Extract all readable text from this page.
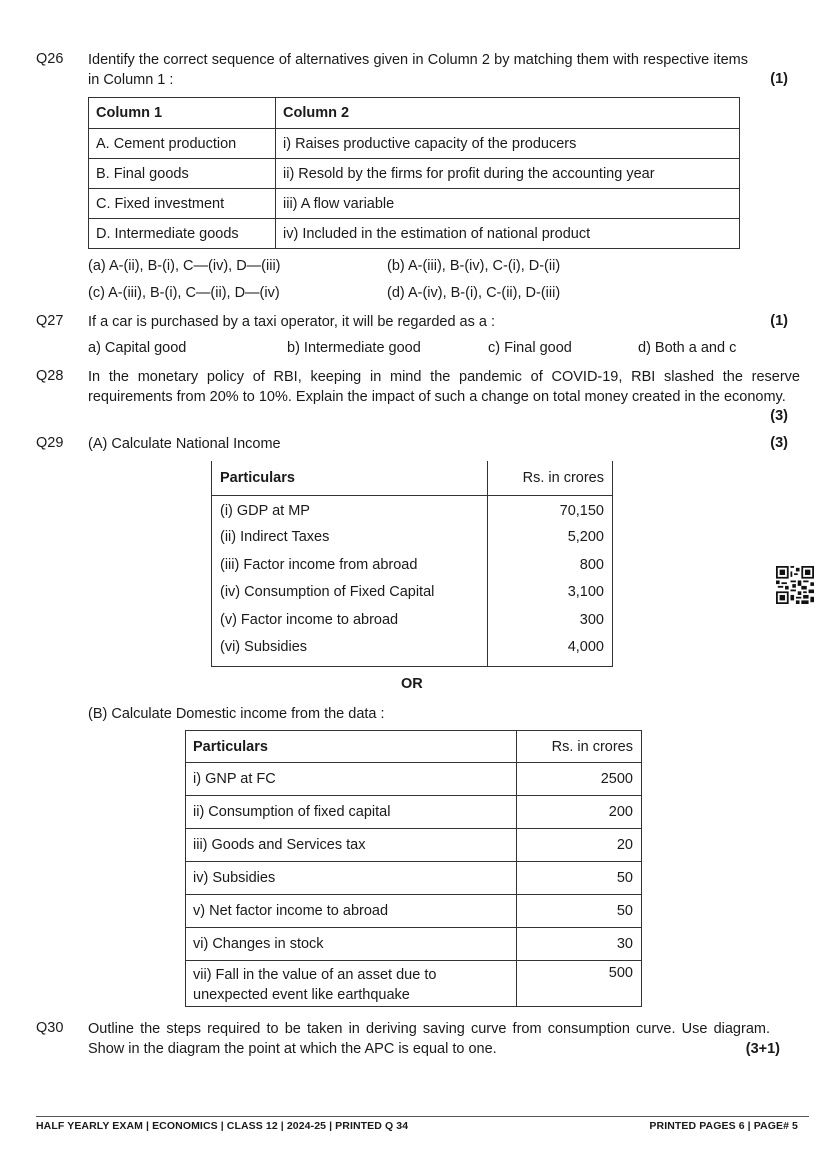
Q26	Identify the correct sequence of alternatives given in Column 2 by matching them with respective items in Column 1 :	(1)
Column 1	Column 2
A. Cement production	i) Raises productive capacity of the producers
B. Final goods	ii) Resold by the firms for profit during the accounting year
C. Fixed investment	iii) A flow variable
D. Intermediate goods	iv) Included in the estimation of national product
(a) A-(ii), B-(i), C—(iv), D—(iii)	(b) A-(iii), B-(iv), C-(i), D-(ii)
(c) A-(iii), B-(i), C—(ii), D—(iv)	(d) A-(iv), B-(i), C-(ii), D-(iii)
Q27	If a car is purchased by a taxi operator, it will be regarded as a :	(1)
a) Capital good	b) Intermediate good	c) Final good	d) Both a and c
Q28	In the monetary policy of RBI, keeping in mind the pandemic of COVID-19, RBI slashed the reserve requirements from 20% to 10%. Explain the impact of such a change on total money created in the economy.
(3)
Q29	(A) Calculate National Income	(3)
Particulars	Rs. in crores
(i) GDP at MP	70,150
(ii) Indirect Taxes	5,200
(iii) Factor income from abroad	800
(iv) Consumption of Fixed Capital	3,100
(v) Factor income to abroad	300
(vi) Subsidies	4,000
OR
(B) Calculate Domestic income from the data :
Particulars	Rs. in crores
i) GNP at FC	2500
ii) Consumption of fixed capital	200
iii) Goods and Services tax	20
iv) Subsidies	50
v) Net factor income to abroad	50
vi) Changes in stock	30
vii) Fall in the value of an asset due to unexpected event like earthquake	500
Q30	Outline the steps required to be taken in deriving saving curve from consumption curve. Use diagram. Show in the diagram the point at which the APC is equal to one.	(3+1)
HALF YEARLY EXAM | ECONOMICS | CLASS 12 | 2024-25 | PRINTED Q 34	PRINTED PAGES 6 | PAGE# 5
